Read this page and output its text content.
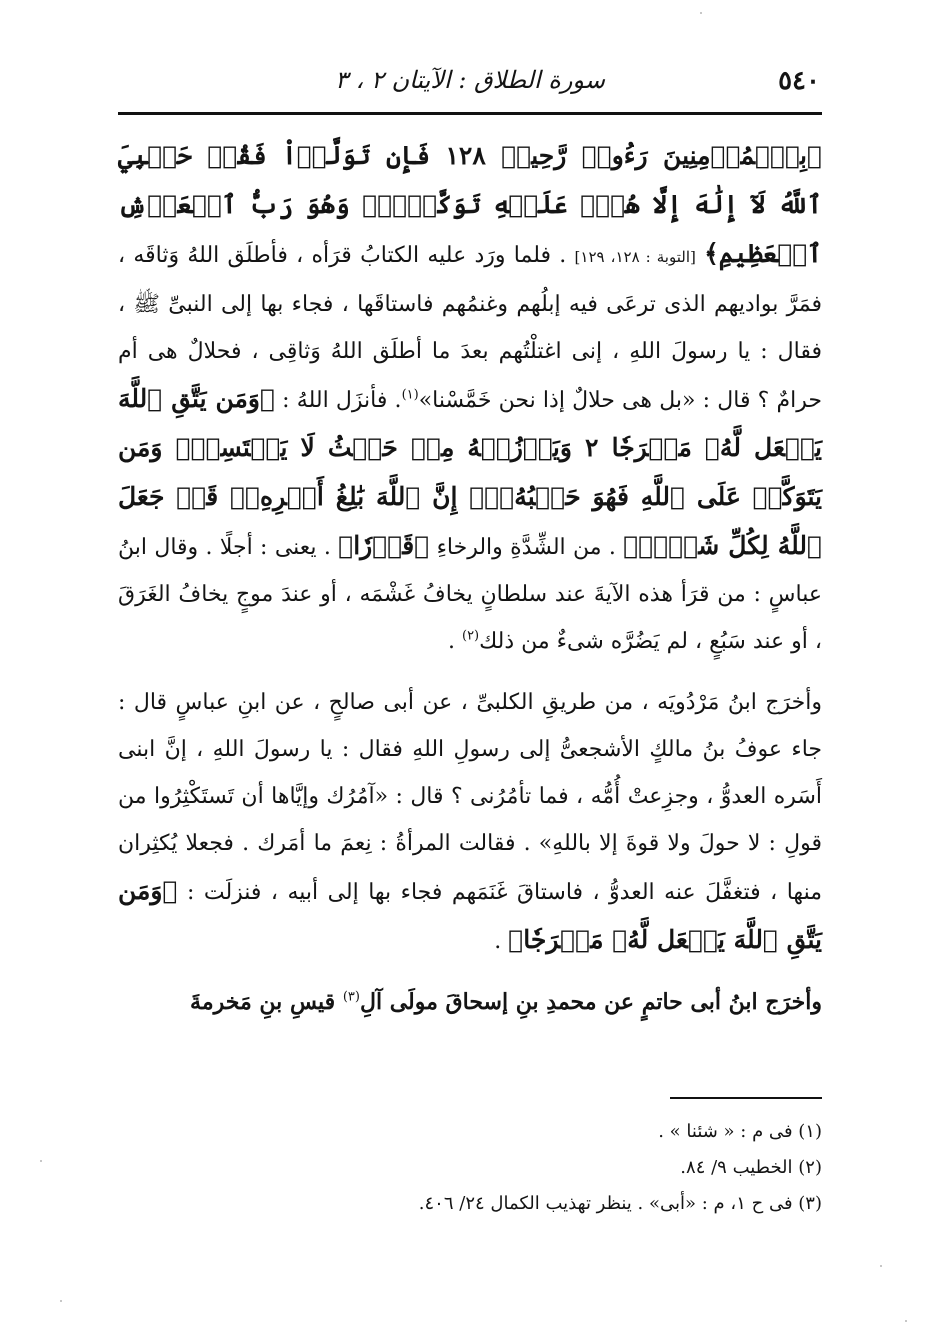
٥٤٠
سورة الطلاق : الآيتان ٢ ، ٣

﴿بِٱلۡمُؤۡمِنِينَ رَءُوفٞ رَّحِيمٞ ١٢٨ فَإِن تَوَلَّوۡاْ فَقُلۡ حَسۡبِيَ ٱللَّهُ لَآ إِلَٰهَ إِلَّا هُوَۖ عَلَيۡهِ تَوَكَّلۡتُۖ وَهُوَ رَبُّ ٱلۡعَرۡشِ ٱلۡعَظِيمِ﴾ [التوبة : ١٢٨، ١٢٩] . فلما ورَد عليه الكتابُ قرَأه ، فأطلَق اللهُ وَثاقَه ، فمَرَّ بواديهم الذى ترعَى فيه إبلُهم وغنمُهم فاستاقَها ، فجاء بها إلى النبىِّ ﷺ ، فقال : يا رسولَ اللهِ ، إنى اغتلْتُهم بعدَ ما أطلَق اللهُ وَثاقِى ، فحلالٌ هى أم حرامٌ ؟ قال : «بل هى حلالٌ إذا نحن خَمَّسْنا»$^{(١)}$. فأنزَل اللهُ : ﴿وَمَن يَتَّقِ ٱللَّهَ يَجۡعَل لَّهُۥ مَخۡرَجٗا ٢ وَيَرۡزُقۡهُ مِنۡ حَيۡثُ لَا يَحۡتَسِبُۚ وَمَن يَتَوَكَّلۡ عَلَى ٱللَّهِ فَهُوَ حَسۡبُهُۥٓۚ إِنَّ ٱللَّهَ بَٰلِغُ أَمۡرِهِۦۚ قَدۡ جَعَلَ ٱللَّهُ لِكُلِّ شَيۡءٖ﴾ . من الشِّدَّةِ والرخاءِ ﴿قَدۡرٗا﴾ . يعنى : أجلًا . وقال ابنُ عباسٍ : من قرَأ هذه الآيةَ عند سلطانٍ يخافُ غَشْمَه ، أو عندَ موجٍ يخافُ الغَرَقَ ، أو عند سَبُعٍ ، لم يَضُرَّه شىءٌ من ذلك$^{(٢)}$ .

وأخرَج ابنُ مَرْدُويَه ، من طريقِ الكلبىِّ ، عن أبى صالحٍ ، عن ابنِ عباسٍ قال : جاء عوفُ بنُ مالكٍ الأشجعىُّ إلى رسولِ اللهِ فقال : يا رسولَ اللهِ ، إنَّ ابنى أَسَره العدوُّ ، وجزِعتْ أُمُّه ، فما تأمُرُنى ؟ قال : «آمُرُك وإيَّاها أن تَستَكْثِرُوا من قولِ : لا حولَ ولا قوةَ إلا باللهِ» . فقالت المرأةُ : نِعمَ ما أمَرك . فجعلا يُكثِران منها ، فتغفَّلَ عنه العدوُّ ، فاستاقَ غَنَمَهم فجاء بها إلى أبيه ، فنزلَت : ﴿وَمَن يَتَّقِ ٱللَّهَ يَجۡعَل لَّهُۥ مَخۡرَجٗا﴾ .

وأخرَج ابنُ أبى حاتمٍ عن محمدِ بنِ إسحاقَ مولَى آلِ$^{(٣)}$ قيسِ بنِ مَخرمةَ

(١) فى م : « شئنا » .

(٢) الخطيب ٩/ ٨٤.

(٣) فى ح ١، م : «أبى» . ينظر تهذيب الكمال ٢٤/ ٤٠٦.
